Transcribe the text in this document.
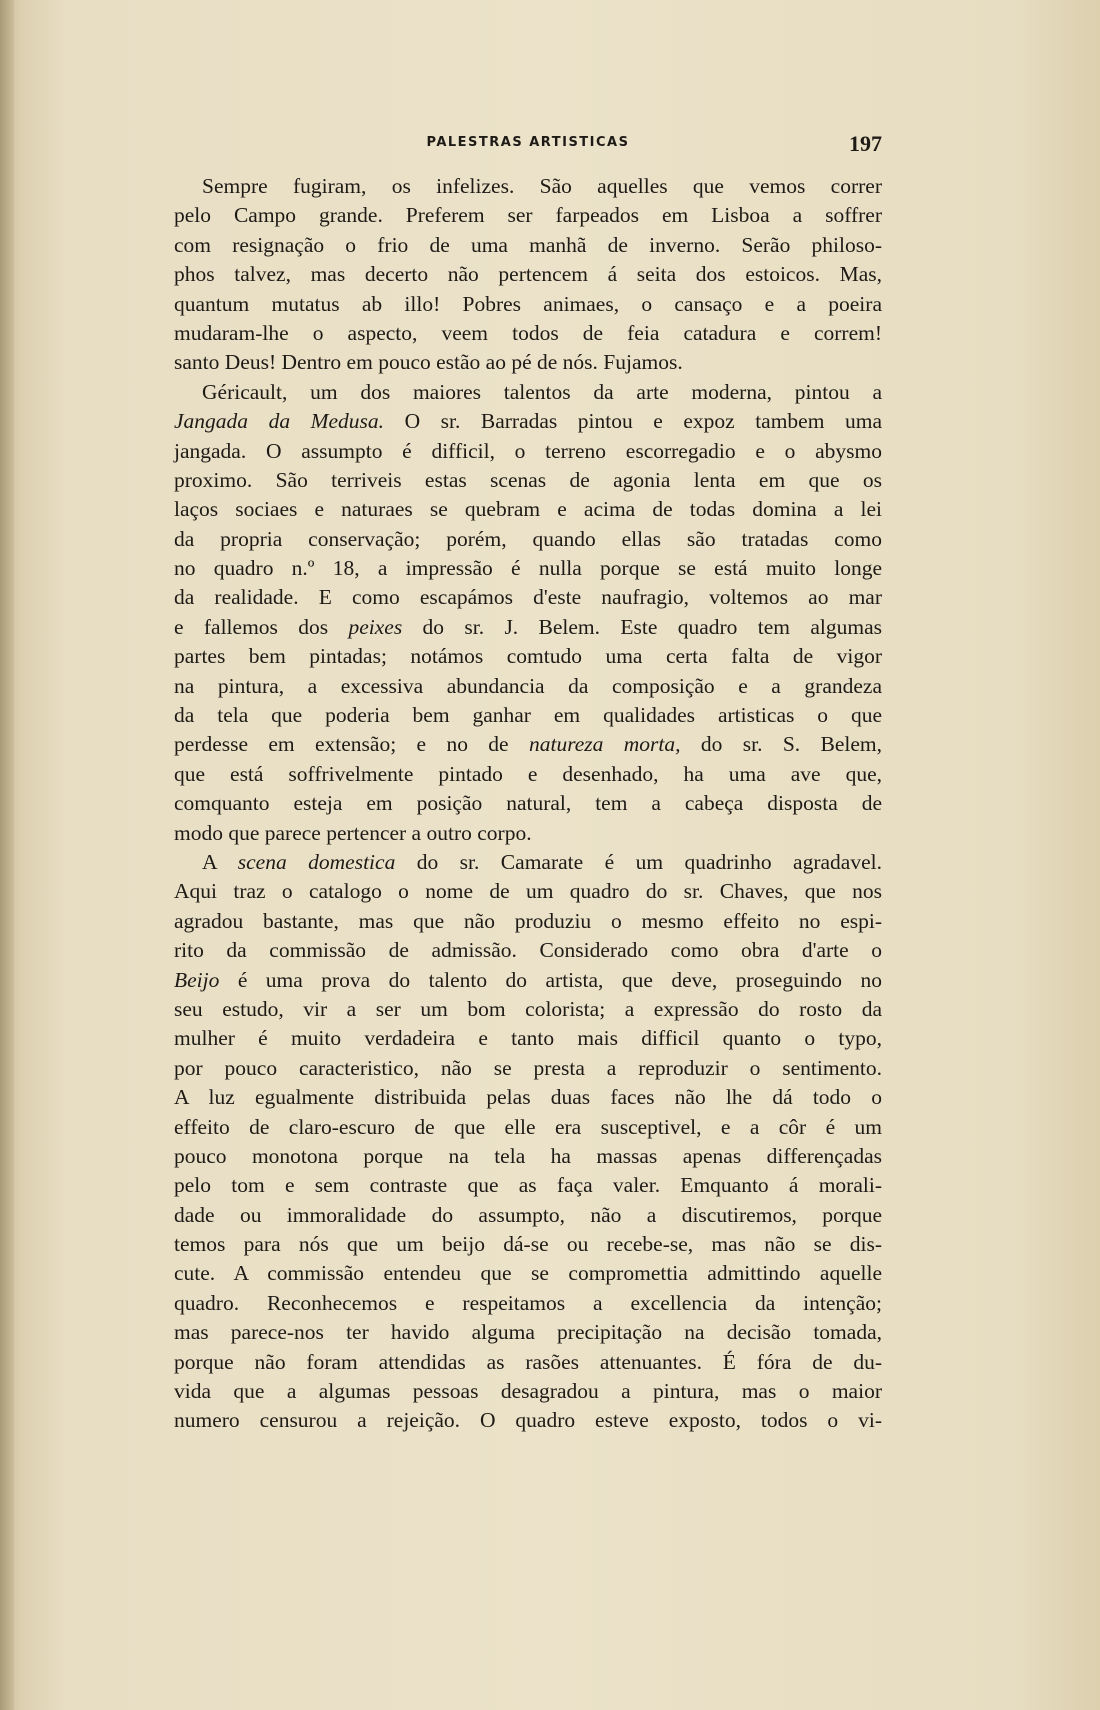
PALESTRAS ARTISTICAS	197
Sempre fugiram, os infelizes. São aquelles que vemos correr
pelo Campo grande. Preferem ser farpeados em Lisboa a soffrer
com resignação o frio de uma manhã de inverno. Serão philoso-
phos talvez, mas decerto não pertencem á seita dos estoicos. Mas,
quantum mutatus ab illo! Pobres animaes, o cansaço e a poeira
mudaram-lhe o aspecto, veem todos de feia catadura e correm!
santo Deus! Dentro em pouco estão ao pé de nós. Fujamos.
Géricault, um dos maiores talentos da arte moderna, pintou a
Jangada da Medusa. O sr. Barradas pintou e expoz tambem uma
jangada. O assumpto é difficil, o terreno escorregadio e o abysmo
proximo. São terriveis estas scenas de agonia lenta em que os
laços sociaes e naturaes se quebram e acima de todas domina a lei
da propria conservação; porém, quando ellas são tratadas como
no quadro n.º 18, a impressão é nulla porque se está muito longe
da realidade. E como escapámos d'este naufragio, voltemos ao mar
e fallemos dos peixes do sr. J. Belem. Este quadro tem algumas
partes bem pintadas; notámos comtudo uma certa falta de vigor
na pintura, a excessiva abundancia da composição e a grandeza
da tela que poderia bem ganhar em qualidades artisticas o que
perdesse em extensão; e no de natureza morta, do sr. S. Belem,
que está soffrivelmente pintado e desenhado, ha uma ave que,
comquanto esteja em posição natural, tem a cabeça disposta de
modo que parece pertencer a outro corpo.
A scena domestica do sr. Camarate é um quadrinho agradavel.
Aqui traz o catalogo o nome de um quadro do sr. Chaves, que nos
agradou bastante, mas que não produziu o mesmo effeito no espi-
rito da commissão de admissão. Considerado como obra d'arte o
Beijo é uma prova do talento do artista, que deve, proseguindo no
seu estudo, vir a ser um bom colorista; a expressão do rosto da
mulher é muito verdadeira e tanto mais difficil quanto o typo,
por pouco caracteristico, não se presta a reproduzir o sentimento.
A luz egualmente distribuida pelas duas faces não lhe dá todo o
effeito de claro-escuro de que elle era susceptivel, e a côr é um
pouco monotona porque na tela ha massas apenas differençadas
pelo tom e sem contraste que as faça valer. Emquanto á morali-
dade ou immoralidade do assumpto, não a discutiremos, porque
temos para nós que um beijo dá-se ou recebe-se, mas não se dis-
cute. A commissão entendeu que se compromettia admittindo aquelle
quadro. Reconhecemos e respeitamos a excellencia da intenção;
mas parece-nos ter havido alguma precipitação na decisão tomada,
porque não foram attendidas as rasões attenuantes. É fóra de du-
vida que a algumas pessoas desagradou a pintura, mas o maior
numero censurou a rejeição. O quadro esteve exposto, todos o vi-
